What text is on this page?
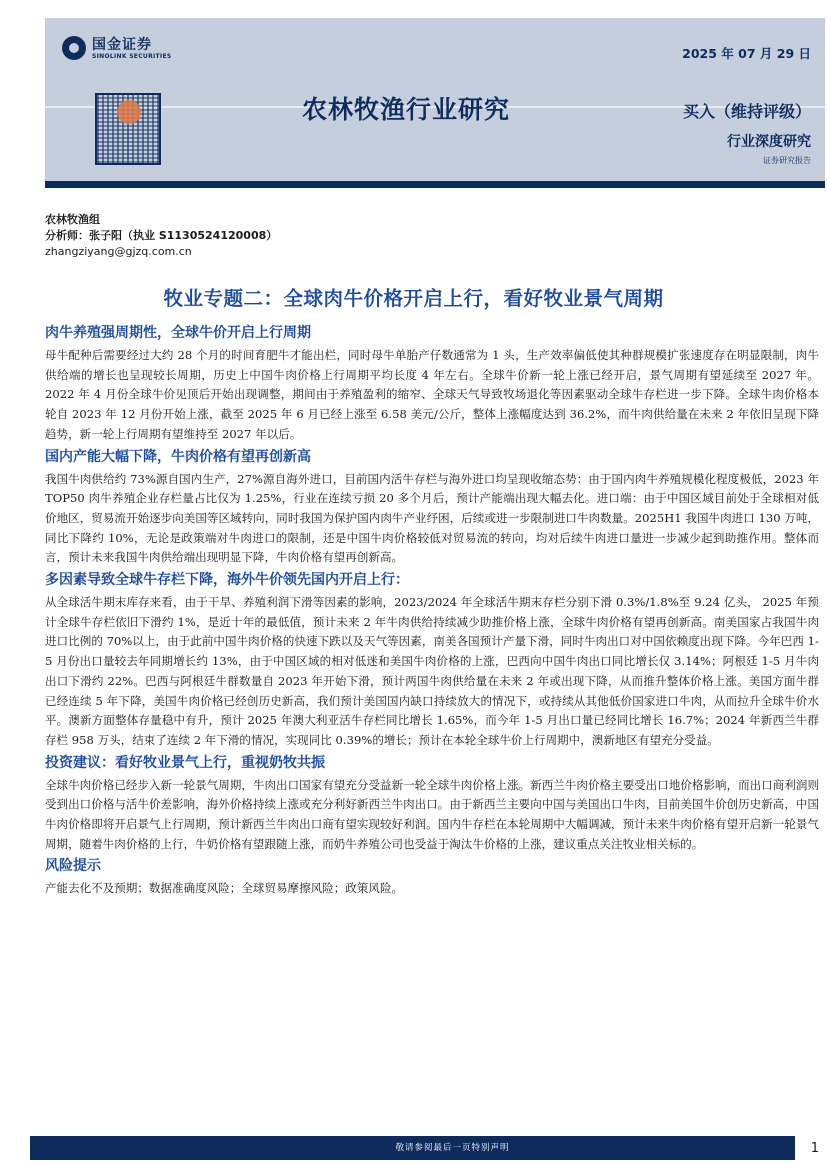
国金证券
SINOLINK SECURITIES	2025 年 07 月 29 日
农林牧渔行业研究	买入（维持评级）
行业深度研究
证券研究报告
农林牧渔组
分析师：张子阳（执业 S1130524120008）
zhangziyang@gjzq.com.cn
牧业专题二：全球肉牛价格开启上行，看好牧业景气周期
肉牛养殖强周期性，全球牛价开启上行周期
母牛配种后需要经过大约 28 个月的时间育肥牛才能出栏，同时母牛单胎产仔数通常为 1 头，生产效率偏低使其种群规模扩张速度存在明显限制，肉牛供给端的增长也呈现较长周期，历史上中国牛肉价格上行周期平均长度 4 年左右。全球牛价新一轮上涨已经开启，景气周期有望延续至 2027 年。2022 年 4 月份全球牛价见顶后开始出现调整，期间由于养殖盈利的缩窄、全球天气导致牧场退化等因素驱动全球牛存栏进一步下降。全球牛肉价格本轮自 2023 年 12 月份开始上涨，截至 2025 年 6 月已经上涨至 6.58 美元/公斤，整体上涨幅度达到 36.2%，而牛肉供给量在未来 2 年依旧呈现下降趋势，新一轮上行周期有望维持至 2027 年以后。
国内产能大幅下降，牛肉价格有望再创新高
我国牛肉供给约 73%源自国内生产，27%源自海外进口，目前国内活牛存栏与海外进口均呈现收缩态势：由于国内肉牛养殖规模化程度极低，2023 年 TOP50 肉牛养殖企业存栏量占比仅为 1.25%，行业在连续亏损 20 多个月后，预计产能端出现大幅去化。进口端：由于中国区域目前处于全球相对低价地区，贸易流开始逐步向美国等区域转向，同时我国为保护国内肉牛产业纾困，后续或进一步限制进口牛肉数量。2025H1 我国牛肉进口 130 万吨，同比下降约 10%，无论是政策端对牛肉进口的限制，还是中国牛肉价格较低对贸易流的转向，均对后续牛肉进口量进一步减少起到助推作用。整体而言，预计未来我国牛肉供给端出现明显下降，牛肉价格有望再创新高。
多因素导致全球牛存栏下降，海外牛价领先国内开启上行：
从全球活牛期末库存来看，由于干旱、养殖利润下滑等因素的影响，2023/2024 年全球活牛期末存栏分别下滑 0.3%/1.8%至 9.24 亿头， 2025 年预计全球牛存栏依旧下滑约 1%，是近十年的最低值，预计未来 2 年牛肉供给持续减少助推价格上涨，全球牛肉价格有望再创新高。南美国家占我国牛肉进口比例的 70%以上，由于此前中国牛肉价格的快速下跌以及天气等因素，南美各国预计产量下滑，同时牛肉出口对中国依赖度出现下降。今年巴西 1-5 月份出口量较去年同期增长约 13%，由于中国区域的相对低迷和美国牛肉价格的上涨，巴西向中国牛肉出口同比增长仅 3.14%；阿根廷 1-5 月牛肉出口下滑约 22%。巴西与阿根廷牛群数量自 2023 年开始下滑，预计两国牛肉供给量在未来 2 年或出现下降，从而推升整体价格上涨。美国方面牛群已经连续 5 年下降，美国牛肉价格已经创历史新高，我们预计美国国内缺口持续放大的情况下，或持续从其他低价国家进口牛肉，从而拉升全球牛价水平。澳新方面整体存量稳中有升，预计 2025 年澳大利亚活牛存栏同比增长 1.65%，而今年 1-5 月出口量已经同比增长 16.7%；2024 年新西兰牛群存栏 958 万头，结束了连续 2 年下滑的情况，实现同比 0.39%的增长；预计在本轮全球牛价上行周期中，澳新地区有望充分受益。
投资建议：看好牧业景气上行，重视奶牧共振
全球牛肉价格已经步入新一轮景气周期，牛肉出口国家有望充分受益新一轮全球牛肉价格上涨。新西兰牛肉价格主要受出口地价格影响，而出口商利润则受到出口价格与活牛价差影响，海外价格持续上涨或充分利好新西兰牛肉出口。由于新西兰主要向中国与美国出口牛肉，目前美国牛价创历史新高，中国牛肉价格即将开启景气上行周期，预计新西兰牛肉出口商有望实现较好利润。国内牛存栏在本轮周期中大幅调减，预计未来牛肉价格有望开启新一轮景气周期，随着牛肉价格的上行，牛奶价格有望跟随上涨，而奶牛养殖公司也受益于淘汰牛价格的上涨，建议重点关注牧业相关标的。
风险提示
产能去化不及预期；数据准确度风险；全球贸易摩擦风险；政策风险。
敬请参阅最后一页特别声明	1
